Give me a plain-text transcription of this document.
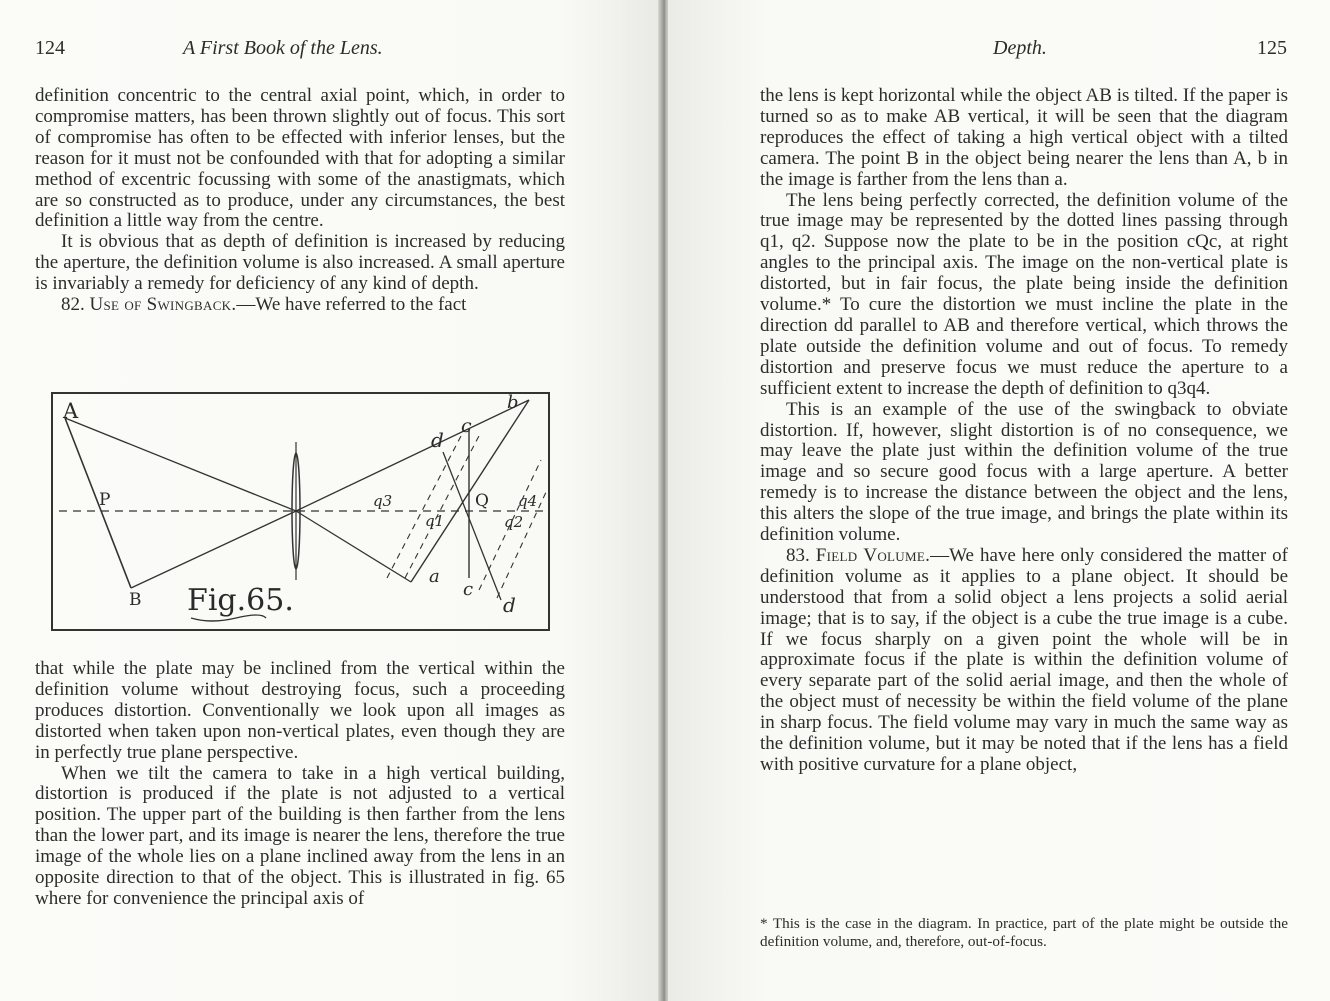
124	A First Book of the Lens.

definition concentric to the central axial point, which, in order to compromise matters, has been thrown slightly out of focus. This sort of compromise has often to be effected with inferior lenses, but the reason for it must not be confounded with that for adopting a similar method of excentric focussing with some of the anastigmats, which are so constructed as to produce, under any circumstances, the best definition a little way from the centre.

It is obvious that as depth of definition is increased by reducing the aperture, the definition volume is also increased. A small aperture is invariably a remedy for deficiency of any kind of depth.

82. Use of Swingback.—We have referred to the fact

A
B
P
b
c
d
q3
q1
Q q4
q2
a
c
d
Fig.65.

that while the plate may be inclined from the vertical within the definition volume without destroying focus, such a proceeding produces distortion. Conventionally we look upon all images as distorted when taken upon non-vertical plates, even though they are in perfectly true plane perspective.

When we tilt the camera to take in a high vertical building, distortion is produced if the plate is not adjusted to a vertical position. The upper part of the building is then farther from the lens than the lower part, and its image is nearer the lens, therefore the true image of the whole lies on a plane inclined away from the lens in an opposite direction to that of the object. This is illustrated in fig. 65 where for convenience the principal axis of

Depth.	125

the lens is kept horizontal while the object AB is tilted. If the paper is turned so as to make AB vertical, it will be seen that the diagram reproduces the effect of taking a high vertical object with a tilted camera. The point B in the object being nearer the lens than A, b in the image is farther from the lens than a.

The lens being perfectly corrected, the definition volume of the true image may be represented by the dotted lines passing through q1, q2. Suppose now the plate to be in the position cQc, at right angles to the principal axis. The image on the non-vertical plate is distorted, but in fair focus, the plate being inside the definition volume.* To cure the distortion we must incline the plate in the direction dd parallel to AB and therefore vertical, which throws the plate outside the definition volume and out of focus. To remedy distortion and preserve focus we must reduce the aperture to a sufficient extent to increase the depth of definition to q3q4.

This is an example of the use of the swingback to obviate distortion. If, however, slight distortion is of no consequence, we may leave the plate just within the definition volume of the true image and so secure good focus with a large aperture. A better remedy is to increase the distance between the object and the lens, this alters the slope of the true image, and brings the plate within its definition volume.

83. Field Volume.—We have here only considered the matter of definition volume as it applies to a plane object. It should be understood that from a solid object a lens projects a solid aerial image; that is to say, if the object is a cube the true image is a cube. If we focus sharply on a given point the whole will be in approximate focus if the plate is within the definition volume of every separate part of the solid aerial image, and then the whole of the object must of necessity be within the field volume of the plane in sharp focus. The field volume may vary in much the same way as the definition volume, but it may be noted that if the lens has a field with positive curvature for a plane object,

* This is the case in the diagram. In practice, part of the plate might be outside the definition volume, and, therefore, out-of-focus.
